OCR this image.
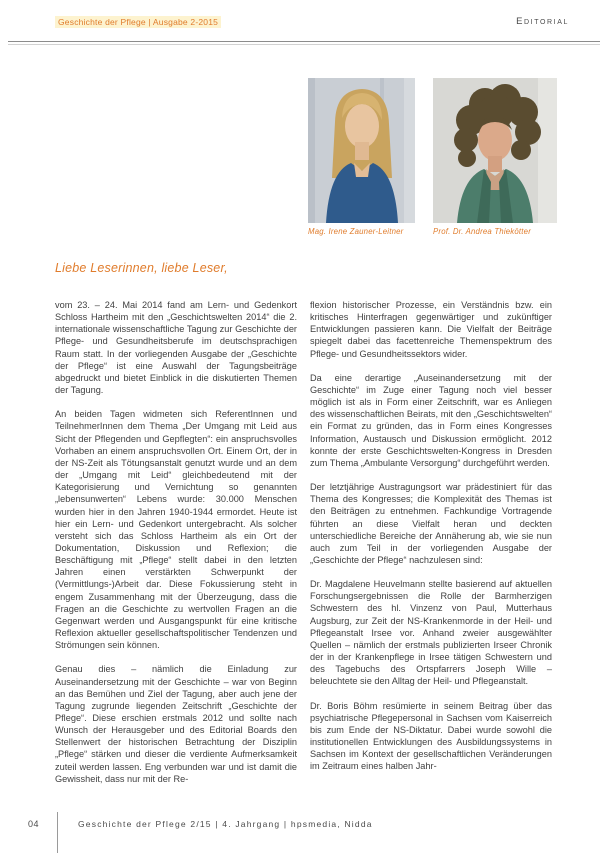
Geschichte der Pflege | Ausgabe 2-2015	Editorial
Mag. Irene Zauner-Leitner	Prof. Dr. Andrea Thiekötter
Liebe Leserinnen, liebe Leser,

vom 23. – 24. Mai 2014 fand am Lern- und Gedenkort Schloss Hartheim mit den „Geschichtswelten 2014“ die 2. internationale wissenschaftliche Tagung zur Geschichte der Pflege- und Gesundheitsberufe im deutschsprachigen Raum statt. In der vorliegenden Ausgabe der „Geschichte der Pflege“ ist eine Auswahl der Tagungsbeiträge abgedruckt und bietet Einblick in die diskutierten Themen der Tagung.

An beiden Tagen widmeten sich ReferentInnen und TeilnehmerInnen dem Thema „Der Umgang mit Leid aus Sicht der Pflegenden und Gepflegten“: ein anspruchsvolles Vorhaben an einem anspruchsvollen Ort. Einem Ort, der in der NS-Zeit als Tötungsanstalt genutzt wurde und an dem der „Umgang mit Leid“ gleichbedeutend mit der Kategorisierung und Vernichtung so genannten „lebensunwerten“ Lebens wurde: 30.000 Menschen wurden hier in den Jahren 1940-1944 ermordet. Heute ist hier ein Lern- und Gedenkort untergebracht. Als solcher versteht sich das Schloss Hartheim als ein Ort der Dokumentation, Diskussion und Reflexion; die Beschäftigung mit „Pflege“ stellt dabei in den letzten Jahren einen verstärkten Schwerpunkt der (Vermittlungs-)Arbeit dar. Diese Fokussierung steht in engem Zusammenhang mit der Überzeugung, dass die Fragen an die Geschichte zu wertvollen Fragen an die Gegenwart werden und Ausgangspunkt für eine kritische Reflexion aktueller gesellschaftspolitischer Tendenzen und Strömungen sein können.

Genau dies – nämlich die Einladung zur Auseinandersetzung mit der Geschichte – war von Beginn an das Bemühen und Ziel der Tagung, aber auch jene der Tagung zugrunde liegenden Zeitschrift „Geschichte der Pflege“. Diese erschien erstmals 2012 und sollte nach Wunsch der Herausgeber und des Editorial Boards den Stellenwert der historischen Betrachtung der Disziplin „Pflege“ stärken und dieser die verdiente Aufmerksamkeit zuteil werden lassen. Eng verbunden war und ist damit die Gewissheit, dass nur mit der Re-

flexion historischer Prozesse, ein Verständnis bzw. ein kritisches Hinterfragen gegenwärtiger und zukünftiger Entwicklungen passieren kann. Die Vielfalt der Beiträge spiegelt dabei das facettenreiche Themenspektrum des Pflege- und Gesundheitssektors wider.

Da eine derartige „Auseinandersetzung mit der Geschichte“ im Zuge einer Tagung noch viel besser möglich ist als in Form einer Zeitschrift, war es Anliegen des wissenschaftlichen Beirats, mit den „Geschichtswelten“ ein Format zu gründen, das in Form eines Kongresses Information, Austausch und Diskussion ermöglicht. 2012 konnte der erste Geschichtswelten-Kongress in Dresden zum Thema „Ambulante Versorgung“ durchgeführt werden.

Der letztjährige Austragungsort war prädestiniert für das Thema des Kongresses; die Komplexität des Themas ist den Beiträgen zu entnehmen. Fachkundige Vortragende führten an diese Vielfalt heran und deckten unterschiedliche Bereiche der Annäherung ab, wie sie nun auch zum Teil in der vorliegenden Ausgabe der „Geschichte der Pflege“ nachzulesen sind:

Dr. Magdalene Heuvelmann stellte basierend auf aktuellen Forschungsergebnissen die Rolle der Barmherzigen Schwestern des hl. Vinzenz von Paul, Mutterhaus Augsburg, zur Zeit der NS-Krankenmorde in der Heil- und Pflegeanstalt Irsee vor. Anhand zweier ausgewählter Quellen – nämlich der erstmals publizierten Irseer Chronik der in der Krankenpflege in Irsee tätigen Schwestern und des Tagebuchs des Ortspfarrers Joseph Wille – beleuchtete sie den Alltag der Heil- und Pflegeanstalt.

Dr. Boris Böhm resümierte in seinem Beitrag über das psychiatrische Pflegepersonal in Sachsen vom Kaiserreich bis zum Ende der NS-Diktatur. Dabei wurde sowohl die institutionellen Entwicklungen des Ausbildungssystems in Sachsen im Kontext der gesellschaftlichen Veränderungen im Zeitraum eines halben Jahr-

04	Geschichte der Pflege 2/15 | 4. Jahrgang | hpsmedia, Nidda
